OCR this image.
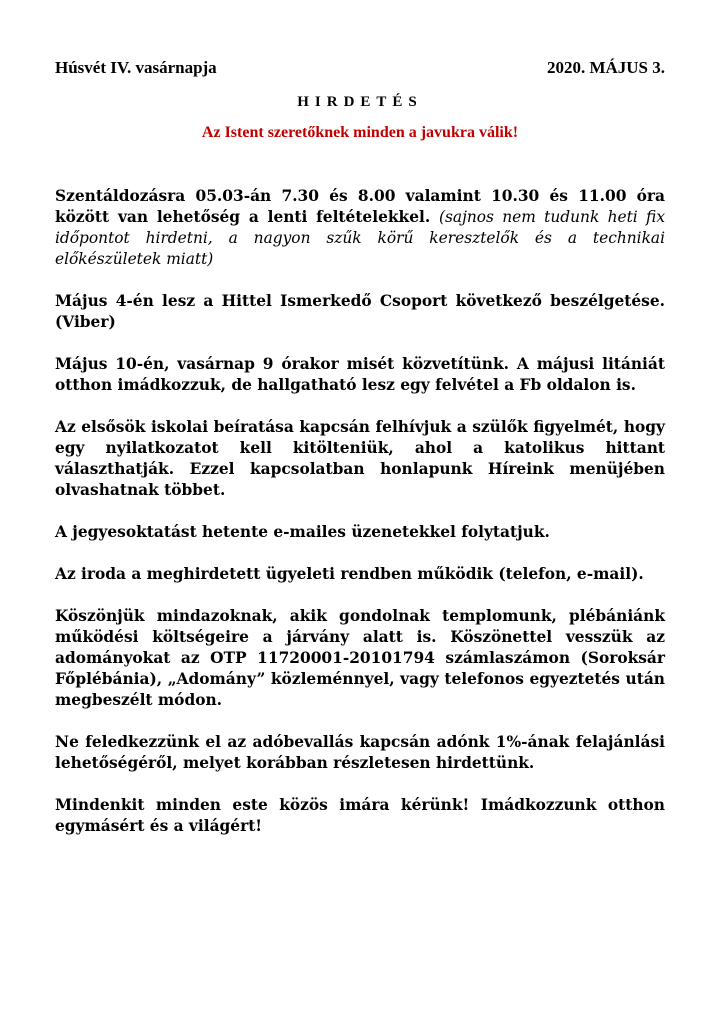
Húsvét IV. vasárnapja	2020. MÁJUS 3.
HIRDETÉS
Az Istent szeretőknek minden a javukra válik!

Szentáldozásra 05.03-án 7.30 és 8.00 valamint 10.30 és 11.00 óra között van lehetőség a lenti feltételekkel. (sajnos nem tudunk heti fix időpontot hirdetni, a nagyon szűk körű keresztelők és a technikai előkészületek miatt)

Május 4-én lesz a Hittel Ismerkedő Csoport következő beszélgetése. (Viber)

Május 10-én, vasárnap 9 órakor misét közvetítünk. A májusi litániát otthon imádkozzuk, de hallgatható lesz egy felvétel a Fb oldalon is.

Az elsősök iskolai beíratása kapcsán felhívjuk a szülők figyelmét, hogy egy nyilatkozatot kell kitölteniük, ahol a katolikus hittant választhatják. Ezzel kapcsolatban honlapunk Híreink menüjében olvashatnak többet.

A jegyesoktatást hetente e-mailes üzenetekkel folytatjuk.

Az iroda a meghirdetett ügyeleti rendben működik (telefon, e-mail).

Köszönjük mindazoknak, akik gondolnak templomunk, plébániánk működési költségeire a járvány alatt is. Köszönettel vesszük az adományokat az OTP 11720001-20101794 számlaszámon (Soroksár Főplébánia), „Adomány” közleménnyel, vagy telefonos egyeztetés után megbeszélt módon.

Ne feledkezzünk el az adóbevallás kapcsán adónk 1%-ának felajánlási lehetőségéről, melyet korábban részletesen hirdettünk.

Mindenkit minden este közös imára kérünk! Imádkozzunk otthon egymásért és a világért!
